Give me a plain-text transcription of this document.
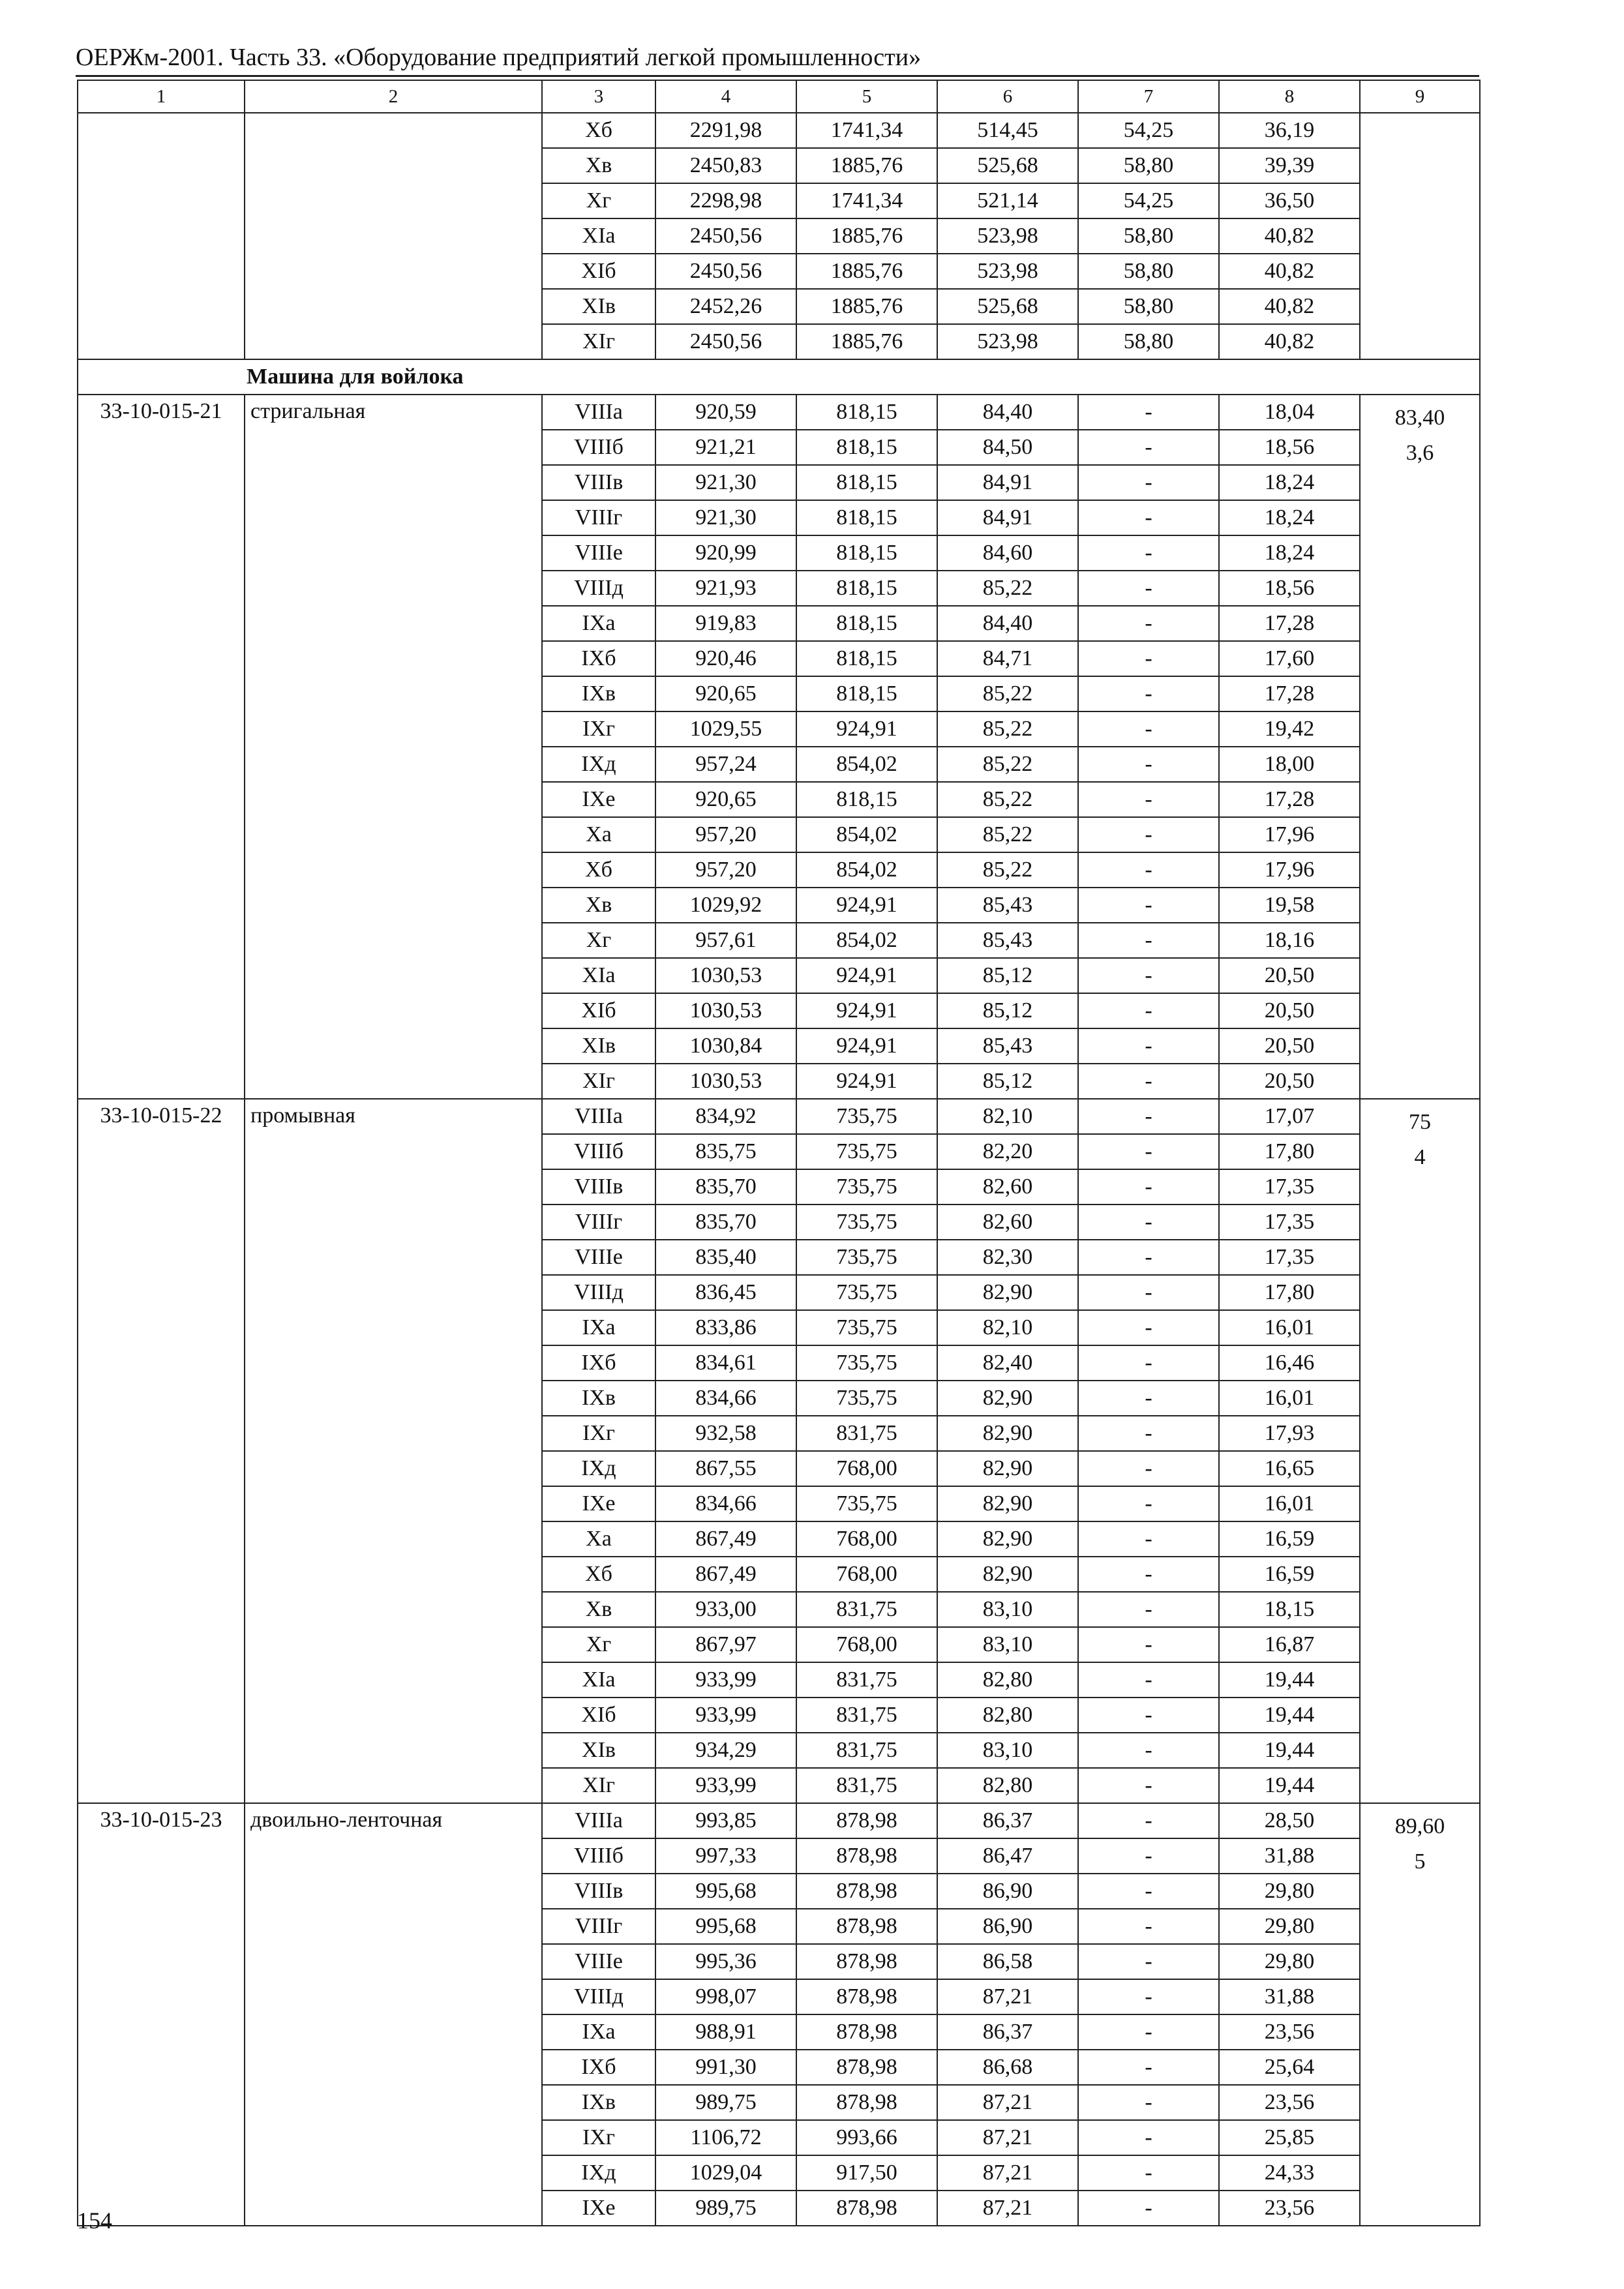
ОЕРЖм-2001. Часть 33. «Оборудование предприятий легкой промышленности»
1	2	3	4	5	6	7	8	9
		Хб	2291,98	1741,34	514,45	54,25	36,19	
		Хв	2450,83	1885,76	525,68	58,80	39,39	
		Хг	2298,98	1741,34	521,14	54,25	36,50	
		ХIа	2450,56	1885,76	523,98	58,80	40,82	
		ХIб	2450,56	1885,76	523,98	58,80	40,82	
		ХIв	2452,26	1885,76	525,68	58,80	40,82	
		ХIг	2450,56	1885,76	523,98	58,80	40,82	
Машина для войлока								
33-10-015-21	стригальная	VIIIа	920,59	818,15	84,40	-	18,04	83,40
3,6

		VIIIб	921,21	818,15	84,50	-	18,56	
		VIIIв	921,30	818,15	84,91	-	18,24	
		VIIIг	921,30	818,15	84,91	-	18,24	
		VIIIе	920,99	818,15	84,60	-	18,24	
		VIIIд	921,93	818,15	85,22	-	18,56	
		IХа	919,83	818,15	84,40	-	17,28	
		IХб	920,46	818,15	84,71	-	17,60	
		IХв	920,65	818,15	85,22	-	17,28	
		IХг	1029,55	924,91	85,22	-	19,42	
		IХд	957,24	854,02	85,22	-	18,00	
		IХе	920,65	818,15	85,22	-	17,28	
		Ха	957,20	854,02	85,22	-	17,96	
		Хб	957,20	854,02	85,22	-	17,96	
		Хв	1029,92	924,91	85,43	-	19,58	
		Хг	957,61	854,02	85,43	-	18,16	
		ХIа	1030,53	924,91	85,12	-	20,50	
		ХIб	1030,53	924,91	85,12	-	20,50	
		ХIв	1030,84	924,91	85,43	-	20,50	
		ХIг	1030,53	924,91	85,12	-	20,50	
33-10-015-22	промывная	VIIIа	834,92	735,75	82,10	-	17,07	75
4

		VIIIб	835,75	735,75	82,20	-	17,80	
		VIIIв	835,70	735,75	82,60	-	17,35	
		VIIIг	835,70	735,75	82,60	-	17,35	
		VIIIе	835,40	735,75	82,30	-	17,35	
		VIIIд	836,45	735,75	82,90	-	17,80	
		IХа	833,86	735,75	82,10	-	16,01	
		IХб	834,61	735,75	82,40	-	16,46	
		IХв	834,66	735,75	82,90	-	16,01	
		IХг	932,58	831,75	82,90	-	17,93	
		IХд	867,55	768,00	82,90	-	16,65	
		IХе	834,66	735,75	82,90	-	16,01	
		Ха	867,49	768,00	82,90	-	16,59	
		Хб	867,49	768,00	82,90	-	16,59	
		Хв	933,00	831,75	83,10	-	18,15	
		Хг	867,97	768,00	83,10	-	16,87	
		ХIа	933,99	831,75	82,80	-	19,44	
		ХIб	933,99	831,75	82,80	-	19,44	
		ХIв	934,29	831,75	83,10	-	19,44	
		ХIг	933,99	831,75	82,80	-	19,44	
33-10-015-23	двоильно-ленточная	VIIIа	993,85	878,98	86,37	-	28,50	89,60
5

		VIIIб	997,33	878,98	86,47	-	31,88	
		VIIIв	995,68	878,98	86,90	-	29,80	
		VIIIг	995,68	878,98	86,90	-	29,80	
		VIIIе	995,36	878,98	86,58	-	29,80	
		VIIIд	998,07	878,98	87,21	-	31,88	
		IХа	988,91	878,98	86,37	-	23,56	
		IХб	991,30	878,98	86,68	-	25,64	
		IХв	989,75	878,98	87,21	-	23,56	
		IХг	1106,72	993,66	87,21	-	25,85	
		IХд	1029,04	917,50	87,21	-	24,33	
		IХе	989,75	878,98	87,21	-	23,56	
154
